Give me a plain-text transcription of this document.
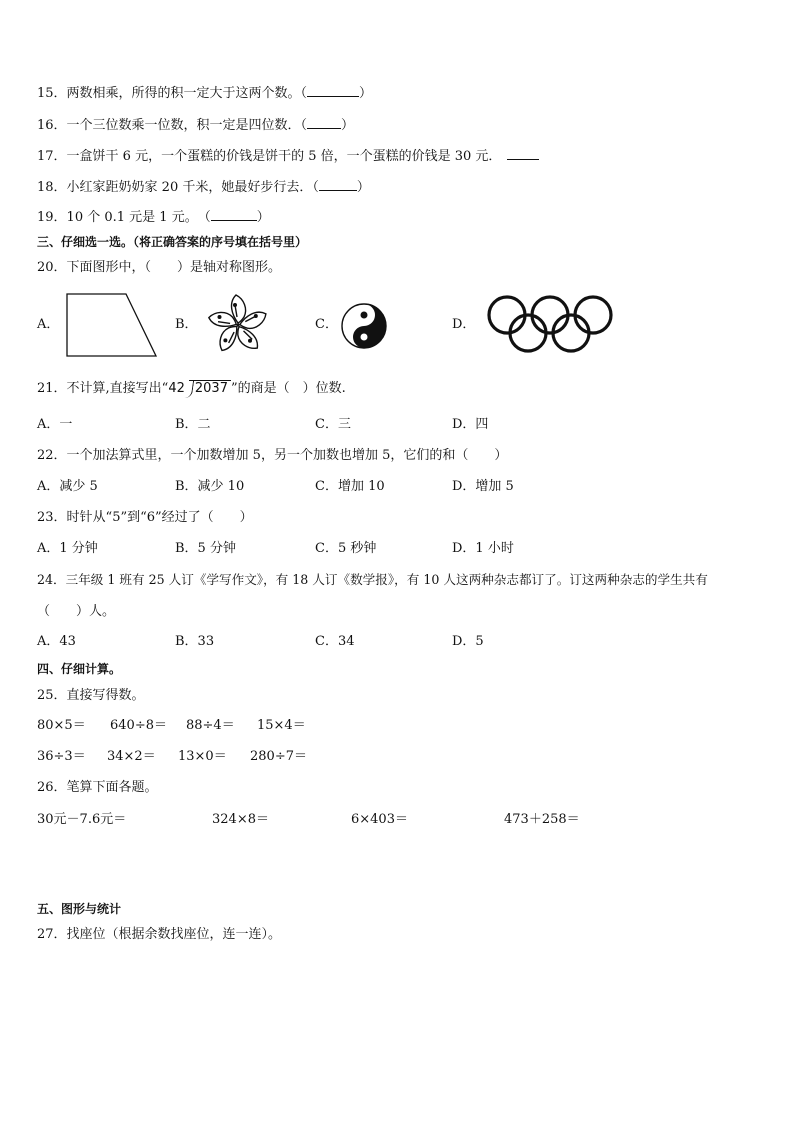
15．两数相乘，所得的积一定大于这两个数。（	）
16．一个三位数乘一位数，积一定是四位数．（	）
17．一盒饼干 6 元，一个蛋糕的价钱是饼干的 5 倍，一个蛋糕的价钱是 30 元．
18．小红家距奶奶家 20 千米，她最好步行去．（	）
19．10 个 0.1 元是 1 元。　（	）
三、仔细选一选。（将正确答案的序号填在括号里）
20．下面图形中，（　　）是轴对称图形。
A．	B．	C．	D．
21．不计算,直接写出“42 2037 ”的商是（　）位数.
A．一	B．二	C．三	D．四
22．一个加法算式里，一个加数增加 5，另一个加数也增加 5，它们的和（　　）
A．减少 5	B．减少 10	C．增加 10	D．增加 5
23．时针从“5”到“6”经过了（　　）
A．1 分钟	B．5 分钟	C．5 秒钟	D．1 小时
24．三年级 1 班有 25 人订《学写作文》，有 18 人订《数学报》，有 10 人这两种杂志都订了。订这两种杂志的学生共有
（　　）人。
A．43	B．33	C．34	D．5
四、仔细计算。
25．直接写得数。
80×5＝ 640÷8＝ 88÷4＝ 15×4＝
36÷3＝ 34×2＝ 13×0＝ 280÷7＝
26．笔算下面各题。
30元－7.6元＝	324×8＝	6×403＝	473＋258＝
五、图形与统计
27．找座位（根据余数找座位，连一连）。
